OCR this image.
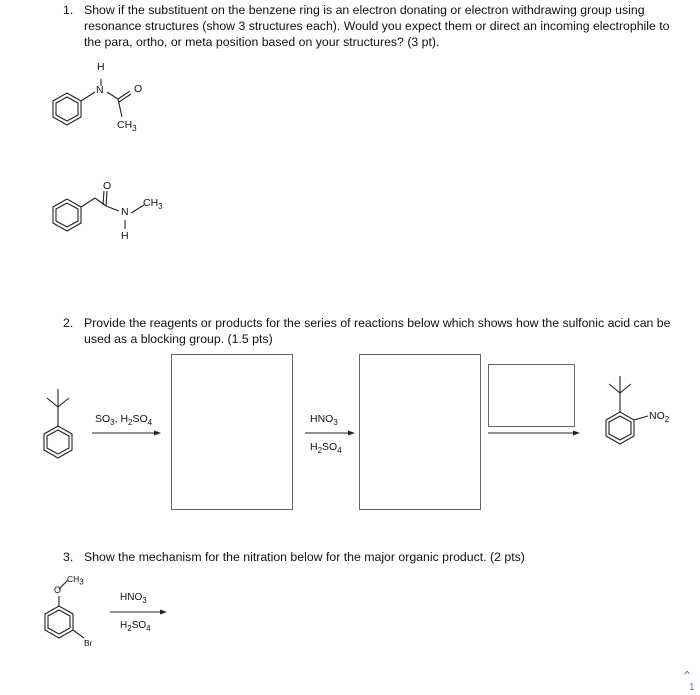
1. Show if the substituent on the benzene ring is an electron donating or electron withdrawing group using
resonance structures (show 3 structures each). Would you expect them or direct an incoming electrophile to
the para, ortho, or meta position based on your structures? (3 pt).
2. Provide the reagents or products for the series of reactions below which shows how the sulfonic acid can be
used as a blocking group. (1.5 pts)
3. Show the mechanism for the nitration below for the major organic product. (2 pts)
H
N	O
$CH_3$
O
N
H
$CH_3$
$NO_2$
O
$CH_3$
Br
$SO_3$, $H_2SO_4$	$HNO_3$
$H_2SO_4$
$HNO_3$
$H_2SO_4$
‸
1
